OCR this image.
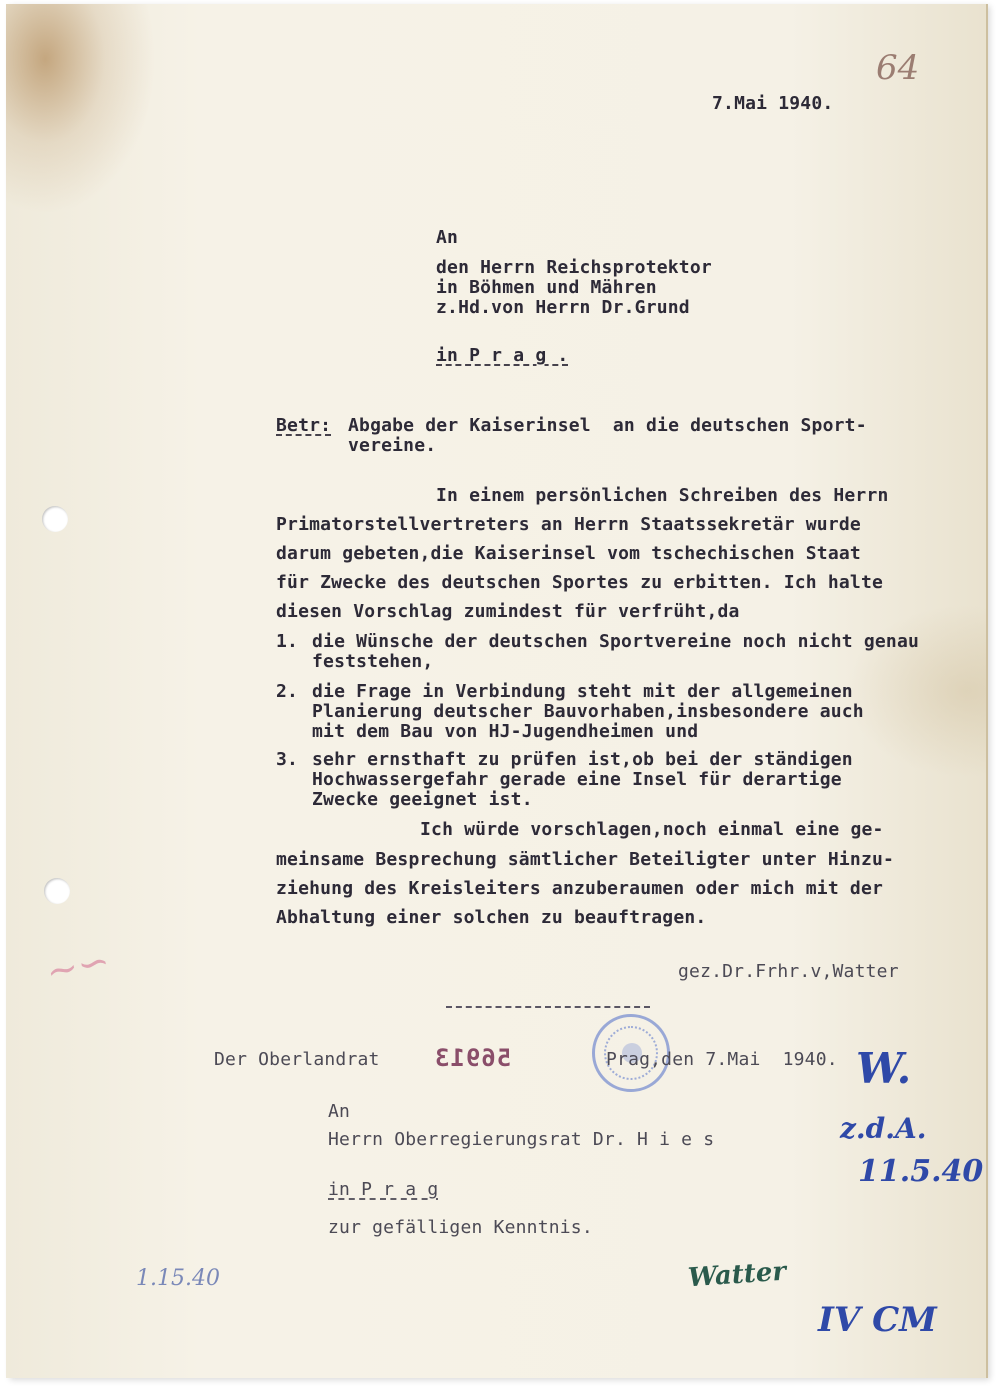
64
7.Mai 1940.
An
den Herrn Reichsprotektor
in Böhmen und Mähren
z.Hd.von Herrn Dr.Grund
in P r a g .
Betr: Abgabe der Kaiserinsel  an die deutschen Sport-
vereine.
In einem persönlichen Schreiben des Herrn
Primatorstellvertreters an Herrn Staatssekretär wurde
darum gebeten,die Kaiserinsel vom tschechischen Staat
für Zwecke des deutschen Sportes zu erbitten. Ich halte
diesen Vorschlag zumindest für verfrüht,da
1. die Wünsche der deutschen Sportvereine noch nicht genau
feststehen,
2. die Frage in Verbindung steht mit der allgemeinen
Planierung deutscher Bauvorhaben,insbesondere auch
mit dem Bau von HJ-Jugendheimen und
3. sehr ernsthaft zu prüfen ist,ob bei der ständigen
Hochwassergefahr gerade eine Insel für derartige
Zwecke geeignet ist.
Ich würde vorschlagen,noch einmal eine ge-
meinsame Besprechung sämtlicher Beteiligter unter Hinzu-
ziehung des Kreisleiters anzuberaumen oder mich mit der
Abhaltung einer solchen zu beauftragen.
gez.Dr.Frhr.v,Watter
Der Oberlandrat 56913	Prag,den 7.Mai  1940.
An
Herrn Oberregierungsrat Dr. H i e s
in P r a g
zur gefälligen Kenntnis.
W.
z.d.A.
11.5.40
IV CM
Watter
1.15.40
∼∽
